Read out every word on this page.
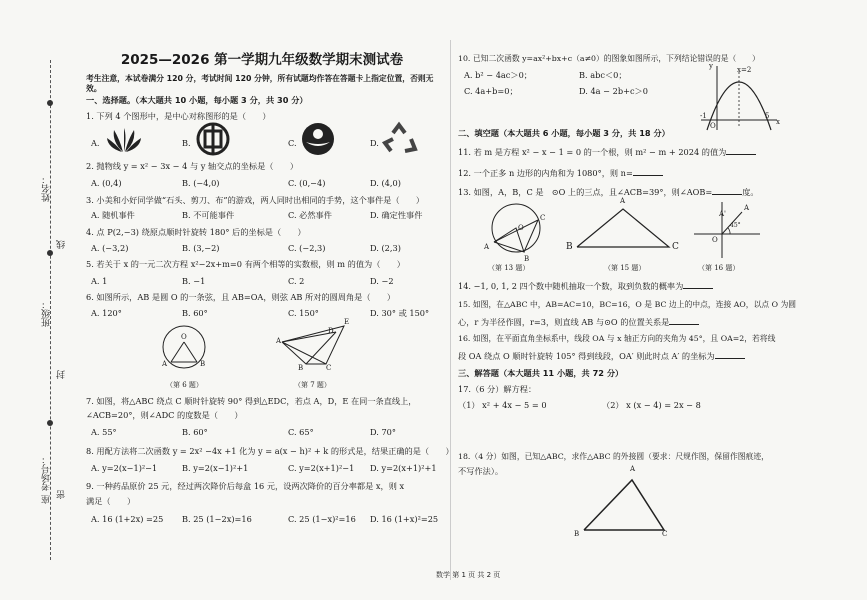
姓名：
班级：
考场号：
座
线
封
密
2025—2026 第一学期九年级数学期末测试卷
考生注意，本试卷满分 120 分，考试时间 120 分钟，所有试题均作答在答题卡上指定位置，否则无效。
一、选择题。（本大题共 10 小题，每小题 3 分，共 30 分）
1. 下列 4 个图形中，是中心对称图形的是（　　）
A.	B.	C.	D.
2. 抛物线 y = x² − 3x − 4 与 y 轴交点的坐标是（　　）
A. (0,4)	B. (−4,0)	C. (0,−4)	D. (4,0)
3. 小美和小好同学做“石头、剪刀、布”的游戏，两人同时出相同的手势，这个事件是（　　）
A. 随机事件	B. 不可能事件	C. 必然事件	D. 确定性事件
4. 点 P(2,−3) 绕原点顺时针旋转 180° 后的坐标是（　　）
A. (−3,2)	B. (3,−2)	C. (−2,3)	D. (2,3)
5. 若关于 x 的一元二次方程 x²−2x+m=0 有两个相等的实数根，则 m 的值为（　　）
A. 1	B. −1	C. 2	D. −2
6. 如图所示，AB 是圆 O 的一条弦，且 AB=OA，则弦 AB 所对的圆周角是（　　）
A. 120°	B. 60°	C. 150°	D. 30° 或 150°
O
A	B
（第 6 题）
A
B	C
D
E
（第 7 题）
7. 如图，将△ABC 绕点 C 顺时针旋转 90° 得到△EDC，若点 A，D，E 在同一条直线上，
∠ACB=20°，则∠ADC 的度数是（　　）
A. 55°	B. 60°	C. 65°	D. 70°
8. 用配方法将二次函数 y = 2x² −4x +1 化为 y = a(x − h)² + k 的形式是，结果正确的是（　　）
A. y=2(x−1)²−1	B. y=2(x−1)²+1	C. y=2(x+1)²−1 D. y=2(x+1)²+1
9. 一种药品原价 25 元，经过两次降价后每盒 16 元，设两次降价的百分率都是 x，则 x
满足（　　）
A. 16 (1+2x) =25 B. 25 (1−2x)=16	C. 25 (1−x)²=16 D. 16 (1+x)²=25
10. 已知二次函数 y=ax²+bx+c（a≠0）的图象如图所示，下列结论错误的是（　　）
A. b² − 4ac＞0；	B. abc＜0；
C. 4a+b=0；	D. 4a − 2b+c＞0
x=2
y
x
-1
O
5
二、填空题（本大题共 6 小题，每小题 3 分，共 18 分）
11. 若 m 是方程 x² − x − 1 = 0 的一个根，则 m² − m + 2024 的值为
12. 一个正多 n 边形的内角和为 1080°，则 n=
13. 如图，A，B，C 是　⊙O 上的三点，且∠ACB=39°，则∠AOB=	度。
A
B
C
O
（第 13 题）
A
B	C
（第 15 题）
A
A'
O
45°
（第 16 题）
14. −1, 0, 1, 2 四个数中随机抽取一个数，取到负数的概率为
15. 如图，在△ABC 中，AB=AC=10，BC=16，O 是 BC 边上的中点，连接 AO，以点 O 为圆
心，r 为半径作圆，r=3，则直线 AB 与⊙O 的位置关系是
16. 如图，在平面直角坐标系中，线段 OA 与 x 轴正方向的夹角为 45°，且 OA=2，若将线
段 OA 绕点 O 顺时针旋转 105° 得到线段，OA′ 则此时点 A′ 的坐标为
三、解答题（本大题共 11 小题，共 72 分）
17.（6 分）解方程：
（1） x² + 4x − 5 = 0	（2） x (x − 4) = 2x − 8
18.（4 分）如图，已知△ABC，求作△ABC 的外接圆（要求：尺规作图，保留作图痕迹，
不写作法）。	A
B	C
数学 第 1 页 共 2 页
